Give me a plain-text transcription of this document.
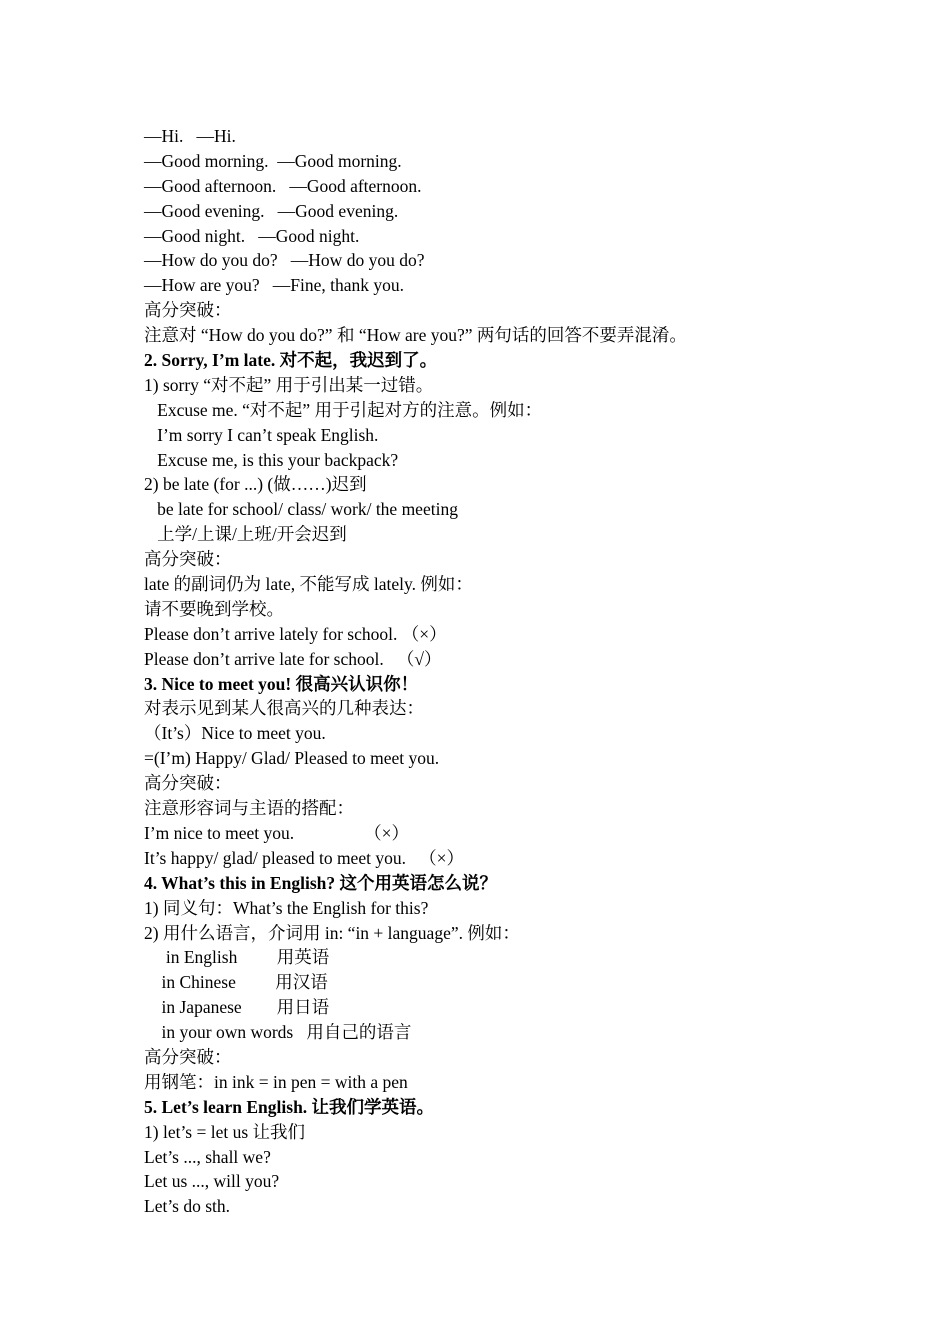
—Hi.   —Hi.
—Good morning.  —Good morning.
—Good afternoon.   —Good afternoon.
—Good evening.   —Good evening.
—Good night.   —Good night.
—How do you do?   —How do you do?
—How are you?   —Fine, thank you.
高分突破：
注意对 “How do you do?” 和 “How are you?” 两句话的回答不要弄混淆。
2. Sorry, I’m late. 对不起，我迟到了。
1) sorry “对不起” 用于引出某一过错。
Excuse me. “对不起” 用于引起对方的注意。例如：
I’m sorry I can’t speak English.
Excuse me, is this your backpack?
2) be late (for ...) (做……)迟到
be late for school/ class/ work/ the meeting
上学/上课/上班/开会迟到
高分突破：
late 的副词仍为 late, 不能写成 lately. 例如：
请不要晚到学校。
Please don’t arrive lately for school. （×）
Please don’t arrive late for school.   （√）
3. Nice to meet you! 很高兴认识你！
对表示见到某人很高兴的几种表达：
（It’s）Nice to meet you.
=(I’m) Happy/ Glad/ Pleased to meet you.
高分突破：
注意形容词与主语的搭配：
I’m nice to meet you.                （×）
It’s happy/ glad/ pleased to meet you.   （×）
4. What’s this in English? 这个用英语怎么说？
1) 同义句：What’s the English for this?
2) 用什么语言，介词用 in: “in + language”. 例如：
in English         用英语
in Chinese         用汉语
in Japanese        用日语
in your own words   用自己的语言
高分突破：
用钢笔：in ink = in pen = with a pen
5. Let’s learn English. 让我们学英语。
1) let’s = let us 让我们
Let’s ..., shall we?
Let us ..., will you?
Let’s do sth.
